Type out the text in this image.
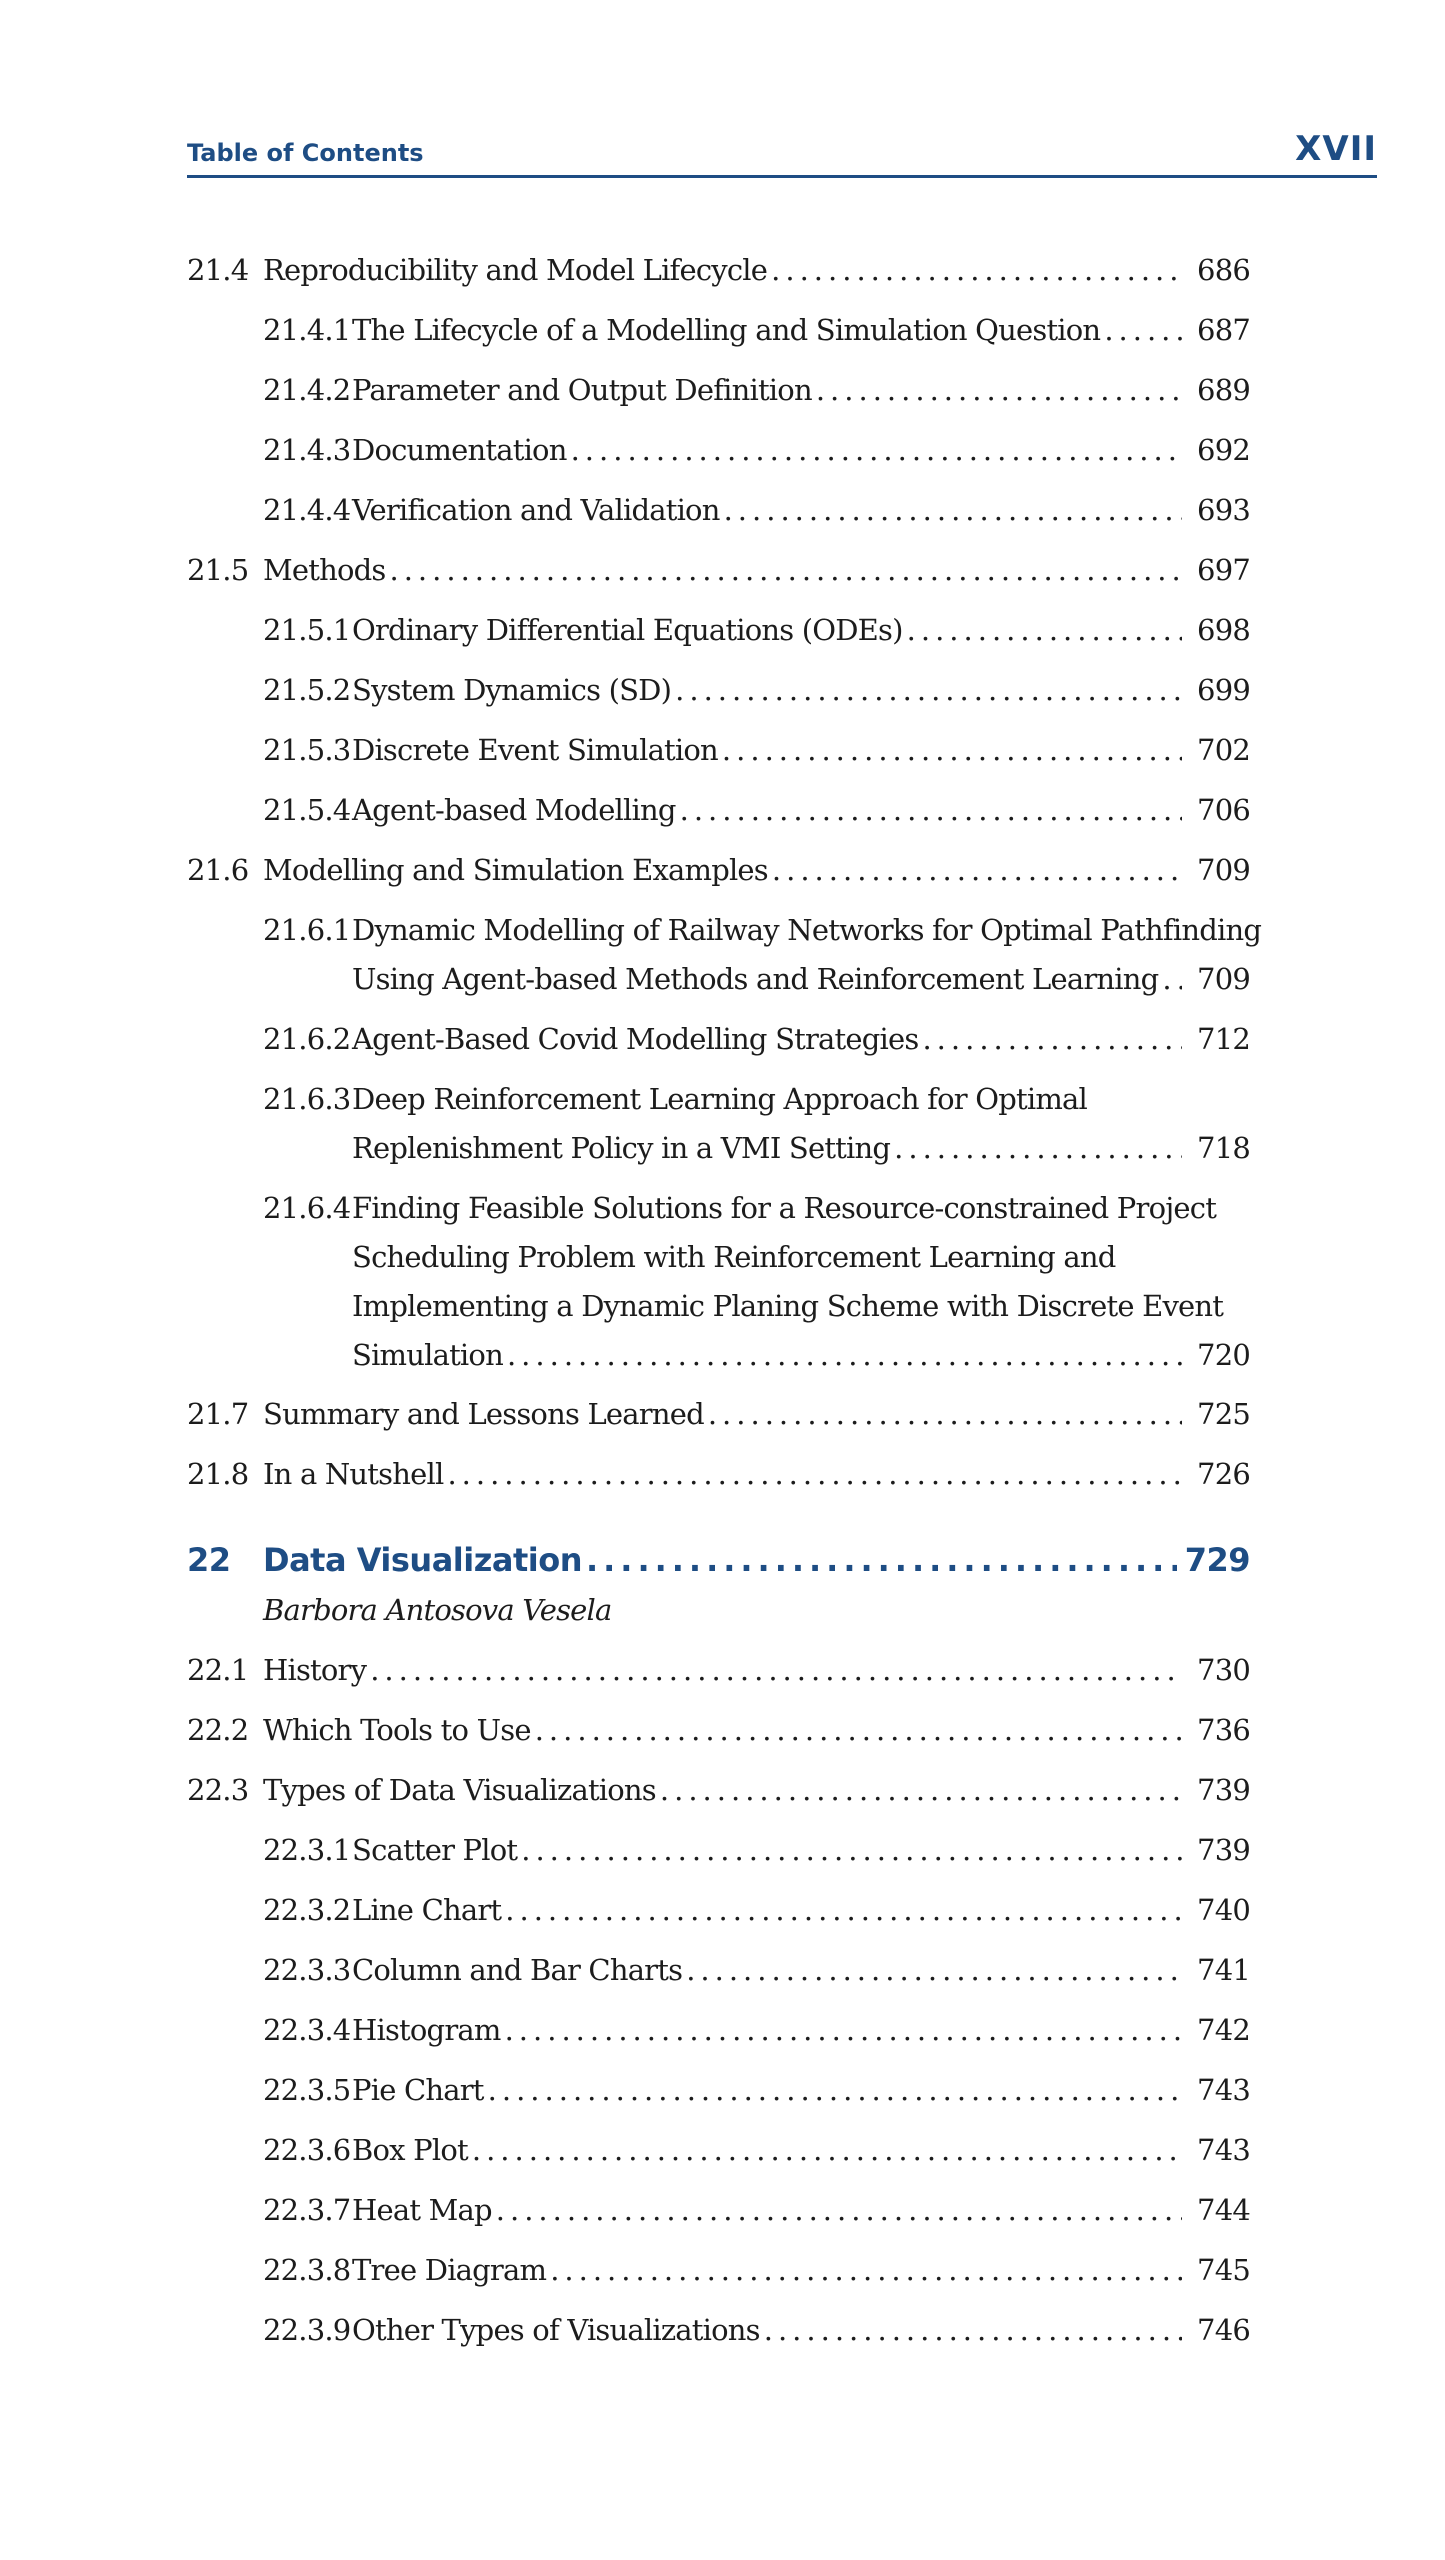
Table of Contents	XVII
21.4 Reproducibility and Model Lifecycle .....	686
21.4.1 The Lifecycle of a Modelling and Simulation Question .....	687
21.4.2 Parameter and Output Definition .....	689
21.4.3 Documentation .....	692
21.4.4 Verification and Validation .....	693
21.5 Methods .....	697
21.5.1 Ordinary Differential Equations (ODEs) .....	698
21.5.2 System Dynamics (SD) .....	699
21.5.3 Discrete Event Simulation .....	702
21.5.4 Agent-based Modelling .....	706
21.6 Modelling and Simulation Examples .....	709
21.6.1 Dynamic Modelling of Railway Networks for Optimal Pathfinding
Using Agent-based Methods and Reinforcement Learning ..... 709
21.6.2 Agent-Based Covid Modelling Strategies .....	712
21.6.3 Deep Reinforcement Learning Approach for Optimal
Replenishment Policy in a VMI Setting .....	718
21.6.4 Finding Feasible Solutions for a Resource-constrained Project
Scheduling Problem with Reinforcement Learning and
Implementing a Dynamic Planing Scheme with Discrete Event
Simulation .....	720
21.7 Summary and Lessons Learned .....	725
21.8 In a Nutshell .....	726
22 Data Visualization .....	729
Barbora Antosova Vesela
22.1 History .....	730
22.2 Which Tools to Use .....	736
22.3 Types of Data Visualizations .....	739
22.3.1 Scatter Plot .....	739
22.3.2 Line Chart .....	740
22.3.3 Column and Bar Charts .....	741
22.3.4 Histogram .....	742
22.3.5 Pie Chart .....	743
22.3.6 Box Plot .....	743
22.3.7 Heat Map .....	744
22.3.8 Tree Diagram .....	745
22.3.9 Other Types of Visualizations .....	746
